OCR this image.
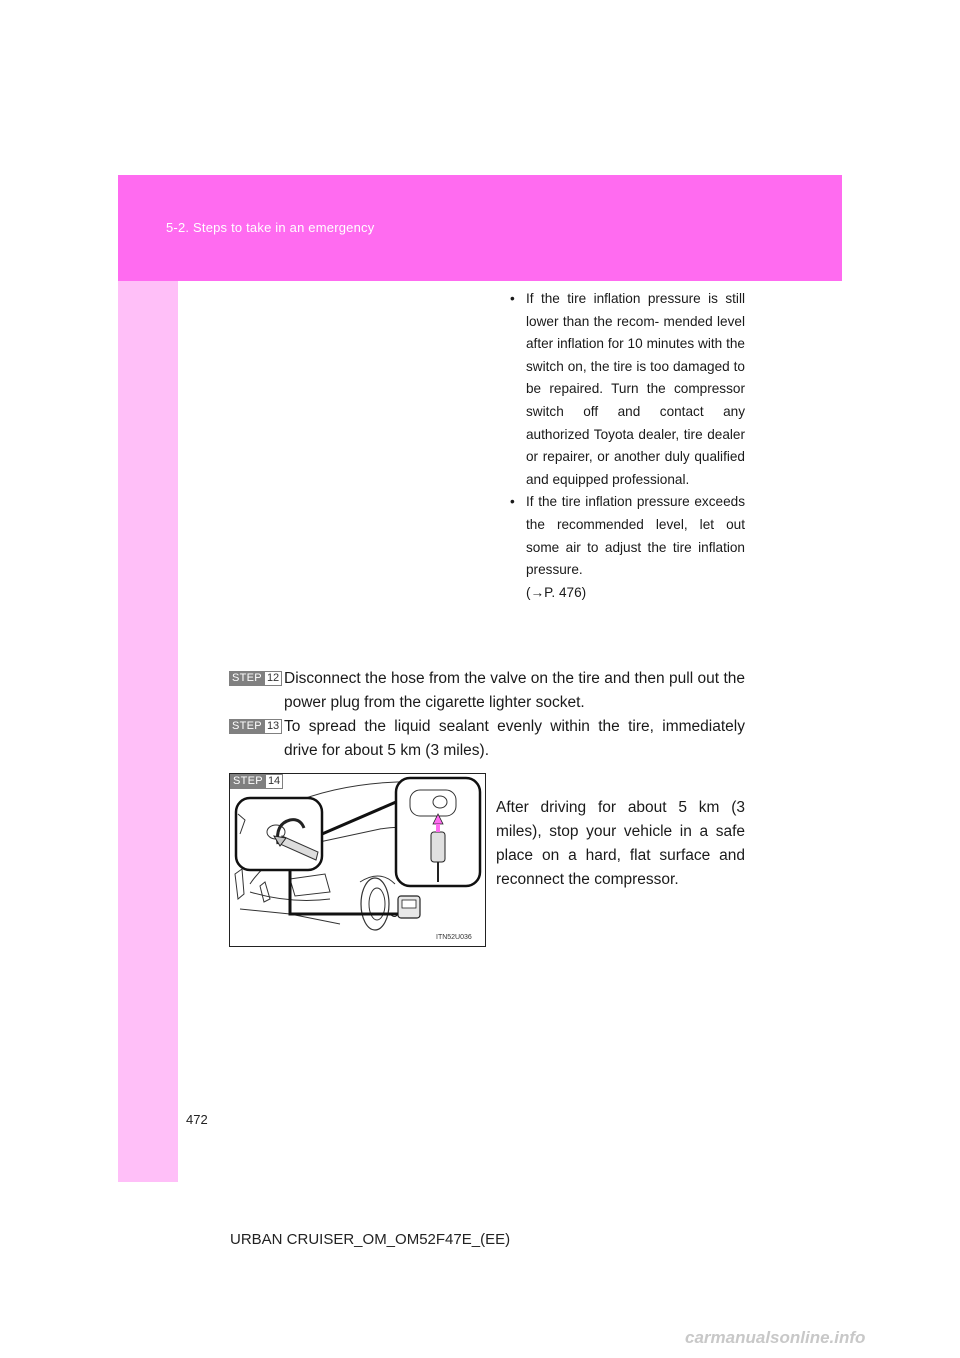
5-2. Steps to take in an emergency
• If the tire inflation pressure is still lower than the recom- mended level after inflation for 10 minutes with the switch on, the tire is too damaged to be repaired. Turn the compressor switch off and contact any authorized Toyota dealer, tire dealer or repairer, or another duly qualified and equipped professional.
• If the tire inflation pressure exceeds the recommended level, let out some air to adjust the tire inflation pressure.
(→P. 476)
STEP 12 Disconnect the hose from the valve on the tire and then pull out the power plug from the cigarette lighter socket.
STEP 13 To spread the liquid sealant evenly within the tire, immediately drive for about 5 km (3 miles).
STEP 14
ITN52U036
After driving for about 5 km (3 miles), stop your vehicle in a safe place on a hard, flat surface and reconnect the compressor.
472
URBAN CRUISER_OM_OM52F47E_(EE)
carmanualsonline.info
